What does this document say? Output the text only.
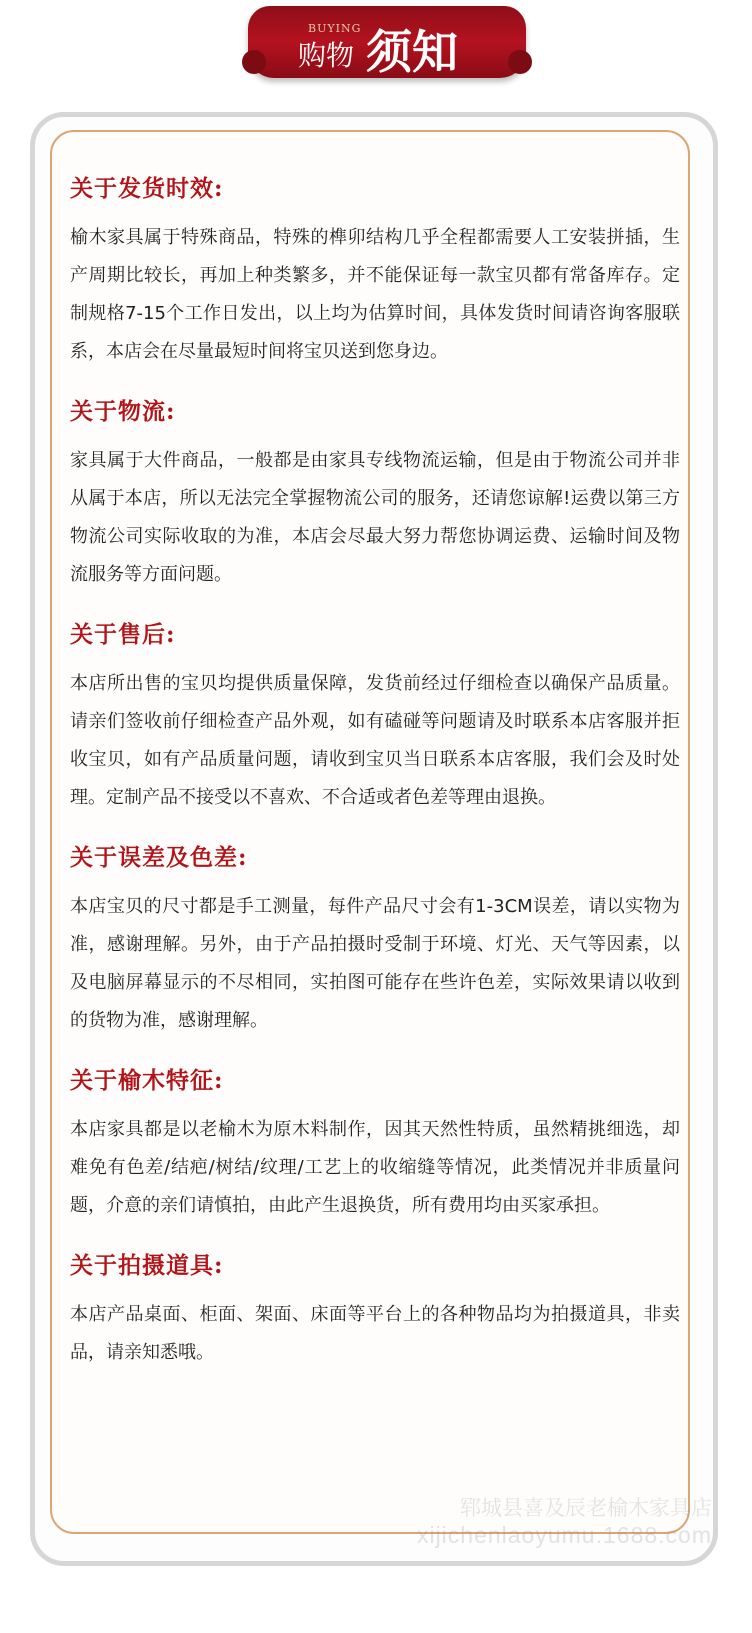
BUYING
购物 须知
关于发货时效:

榆木家具属于特殊商品，特殊的榫卯结构几乎全程都需要人工安装拼插，生产周期比较长，再加上种类繁多，并不能保证每一款宝贝都有常备库存。定制规格7-15个工作日发出，以上均为估算时间，具体发货时间请咨询客服联系，本店会在尽量最短时间将宝贝送到您身边。

关于物流:

家具属于大件商品，一般都是由家具专线物流运输，但是由于物流公司并非从属于本店，所以无法完全掌握物流公司的服务，还请您谅解!运费以第三方物流公司实际收取的为准，本店会尽最大努力帮您协调运费、运输时间及物流服务等方面问题。

关于售后:

本店所出售的宝贝均提供质量保障，发货前经过仔细检查以确保产品质量。请亲们签收前仔细检查产品外观，如有磕碰等问题请及时联系本店客服并拒收宝贝，如有产品质量问题，请收到宝贝当日联系本店客服，我们会及时处理。定制产品不接受以不喜欢、不合适或者色差等理由退换。

关于误差及色差:

本店宝贝的尺寸都是手工测量，每件产品尺寸会有1-3CM误差，请以实物为准，感谢理解。另外，由于产品拍摄时受制于环境、灯光、天气等因素，以及电脑屏幕显示的不尽相同，实拍图可能存在些许色差，实际效果请以收到的货物为准，感谢理解。

关于榆木特征:

本店家具都是以老榆木为原木料制作，因其天然性特质，虽然精挑细选，却难免有色差/结疤/树结/纹理/工艺上的收缩缝等情况，此类情况并非质量问题，介意的亲们请慎拍，由此产生退换货，所有费用均由买家承担。

关于拍摄道具:

本店产品桌面、柜面、架面、床面等平台上的各种物品均为拍摄道具，非卖品，请亲知悉哦。

郓城县喜及辰老榆木家具店
xijichenlaoyumu.1688.com
